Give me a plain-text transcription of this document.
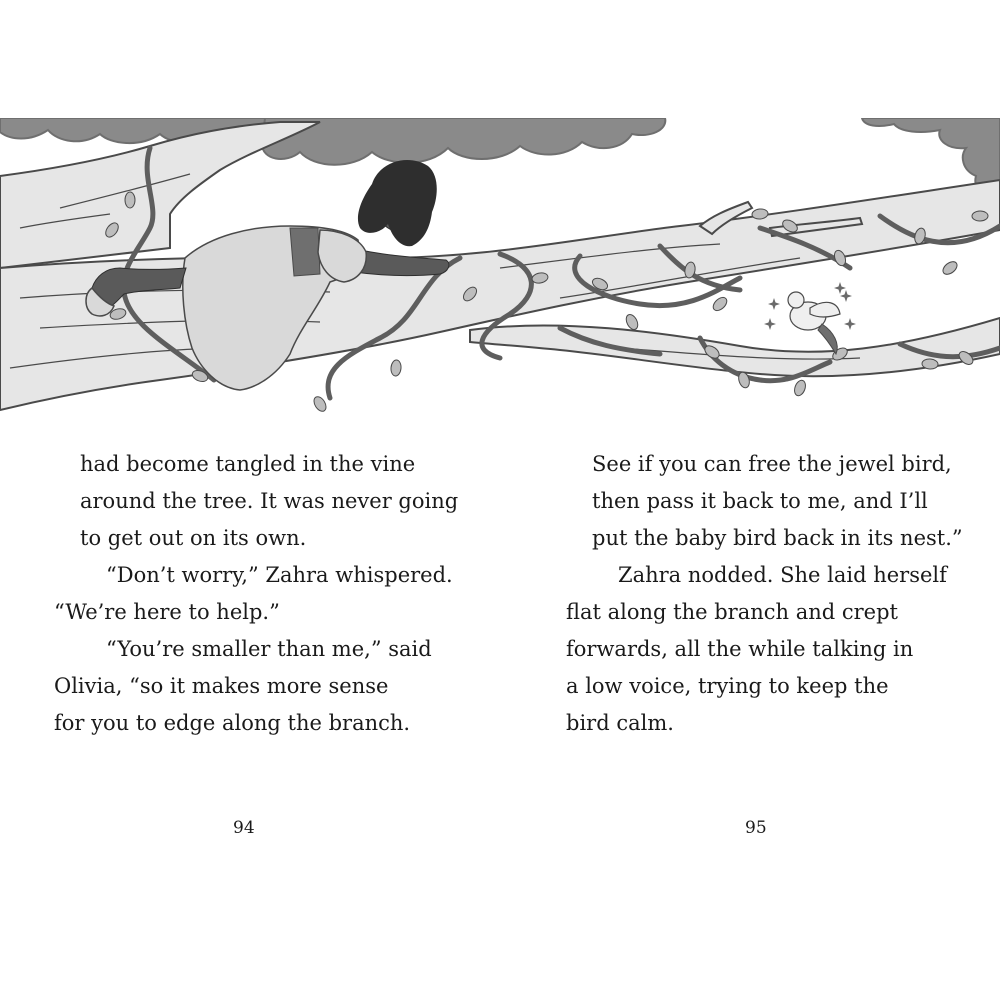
had become tangled in the vine
around the tree. It was never going
to get out on its own.

“Don’t worry,” Zahra whispered.
“We’re here to help.”

“You’re smaller than me,” said
Olivia, “so it makes more sense
for you to edge along the branch.

See if you can free the jewel bird,
then pass it back to me, and I’ll
put the baby bird back in its nest.”

Zahra nodded. She laid herself
flat along the branch and crept
forwards, all the while talking in
a low voice, trying to keep the
bird calm.

94	95
